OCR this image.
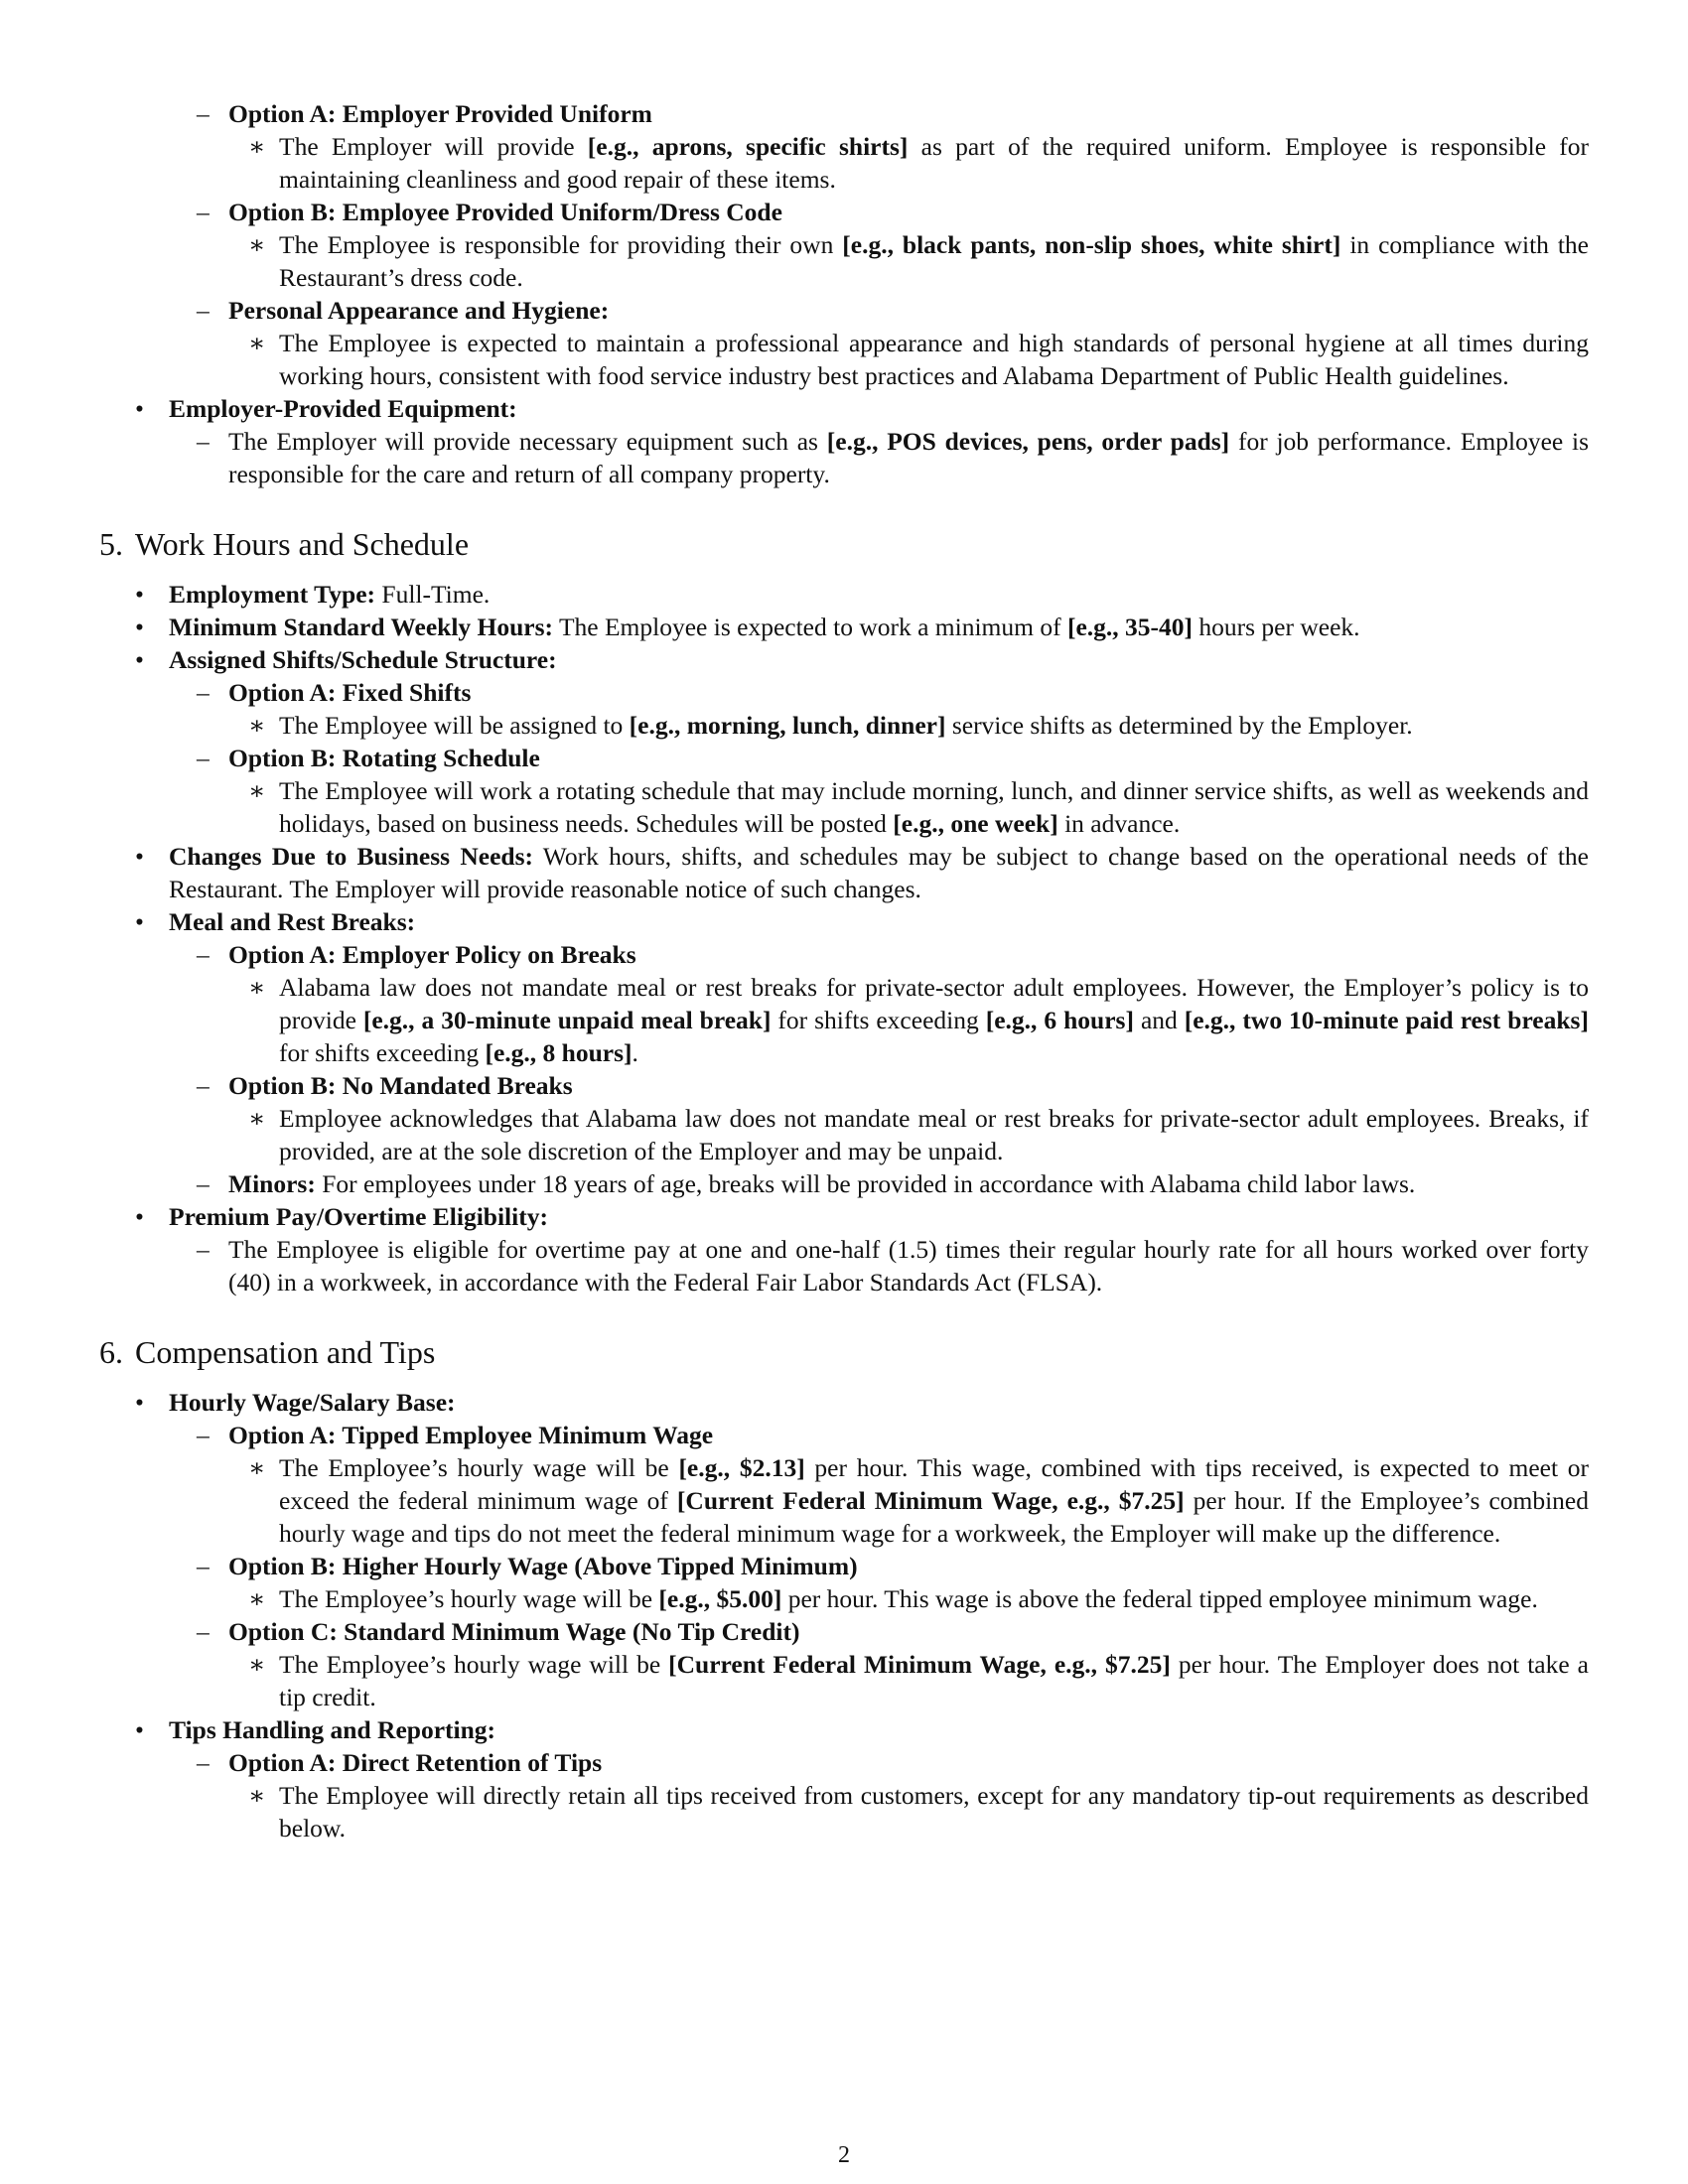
– Option A: Employer Provided Uniform
∗ The Employer will provide [e.g., aprons, specific shirts] as part of the required uniform. Employee is responsible for maintaining cleanliness and good repair of these items.
– Option B: Employee Provided Uniform/Dress Code
∗ The Employee is responsible for providing their own [e.g., black pants, non-slip shoes, white shirt] in compliance with the Restaurant’s dress code.
– Personal Appearance and Hygiene:
∗ The Employee is expected to maintain a professional appearance and high standards of personal hygiene at all times during working hours, consistent with food service industry best practices and Alabama Department of Public Health guidelines.
• Employer-Provided Equipment:
– The Employer will provide necessary equipment such as [e.g., POS devices, pens, order pads] for job performance. Employee is responsible for the care and return of all company property.
5. Work Hours and Schedule
• Employment Type: Full-Time.
• Minimum Standard Weekly Hours: The Employee is expected to work a minimum of [e.g., 35-40] hours per week.
• Assigned Shifts/Schedule Structure:
– Option A: Fixed Shifts
∗ The Employee will be assigned to [e.g., morning, lunch, dinner] service shifts as determined by the Employer.
– Option B: Rotating Schedule
∗ The Employee will work a rotating schedule that may include morning, lunch, and dinner service shifts, as well as weekends and holidays, based on business needs. Schedules will be posted [e.g., one week] in advance.
• Changes Due to Business Needs: Work hours, shifts, and schedules may be subject to change based on the operational needs of the Restaurant. The Employer will provide reasonable notice of such changes.
• Meal and Rest Breaks:
– Option A: Employer Policy on Breaks
∗ Alabama law does not mandate meal or rest breaks for private-sector adult employees. However, the Employer’s policy is to provide [e.g., a 30-minute unpaid meal break] for shifts exceeding [e.g., 6 hours] and [e.g., two 10-minute paid rest breaks] for shifts exceeding [e.g., 8 hours].
– Option B: No Mandated Breaks
∗ Employee acknowledges that Alabama law does not mandate meal or rest breaks for private-sector adult employees. Breaks, if provided, are at the sole discretion of the Employer and may be unpaid.
– Minors: For employees under 18 years of age, breaks will be provided in accordance with Alabama child labor laws.
• Premium Pay/Overtime Eligibility:
– The Employee is eligible for overtime pay at one and one-half (1.5) times their regular hourly rate for all hours worked over forty (40) in a workweek, in accordance with the Federal Fair Labor Standards Act (FLSA).
6. Compensation and Tips
• Hourly Wage/Salary Base:
– Option A: Tipped Employee Minimum Wage
∗ The Employee’s hourly wage will be [e.g., $2.13] per hour. This wage, combined with tips received, is expected to meet or exceed the federal minimum wage of [Current Federal Minimum Wage, e.g., $7.25] per hour. If the Employee’s combined hourly wage and tips do not meet the federal minimum wage for a workweek, the Employer will make up the difference.
– Option B: Higher Hourly Wage (Above Tipped Minimum)
∗ The Employee’s hourly wage will be [e.g., $5.00] per hour. This wage is above the federal tipped employee minimum wage.
– Option C: Standard Minimum Wage (No Tip Credit)
∗ The Employee’s hourly wage will be [Current Federal Minimum Wage, e.g., $7.25] per hour. The Employer does not take a tip credit.
• Tips Handling and Reporting:
– Option A: Direct Retention of Tips
∗ The Employee will directly retain all tips received from customers, except for any mandatory tip-out requirements as described below.
2
